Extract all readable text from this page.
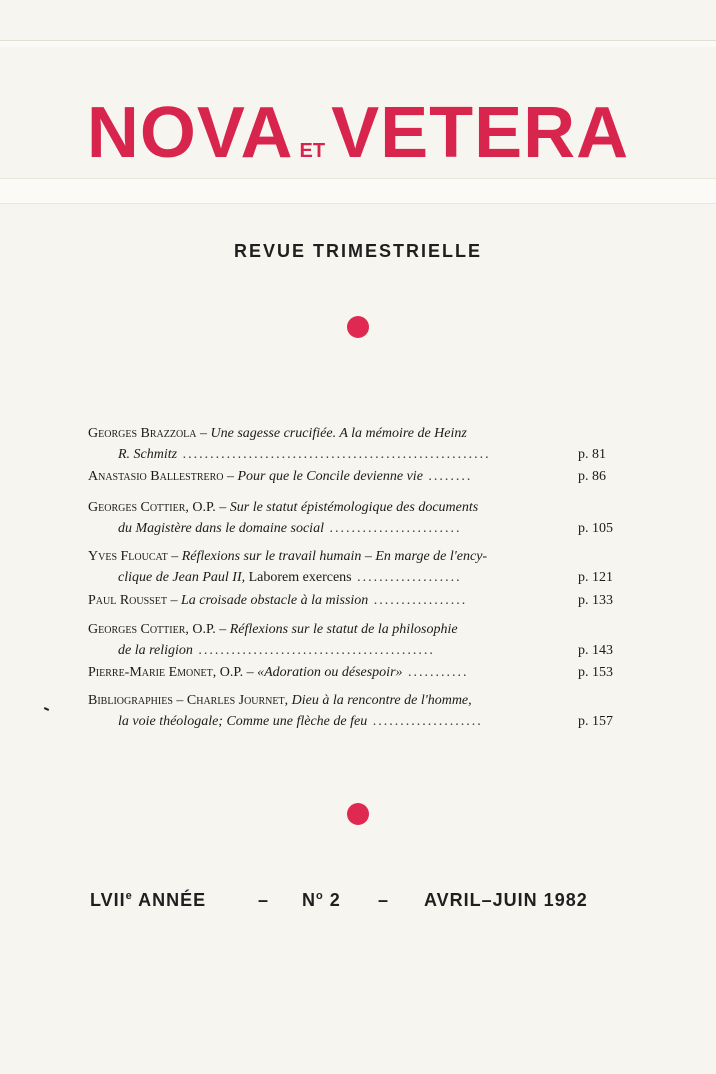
NOVA ETVETERA
REVUE TRIMESTRIELLE
Georges Brazzola – Une sagesse crucifiée. A la mémoire de Heinz
R. Schmitz ........................................................	p. 81
Anastasio Ballestrero – Pour que le Concile devienne vie ........	p. 86
Georges Cottier, O.P. – Sur le statut épistémologique des documents
du Magistère dans le domaine social ........................	p. 105
Yves Floucat – Réflexions sur le travail humain – En marge de l'ency-
clique de Jean Paul II, Laborem exercens ...................	p. 121
Paul Rousset – La croisade obstacle à la mission .................	p. 133
Georges Cottier, O.P. – Réflexions sur le statut de la philosophie
de la religion ...........................................	p. 143
Pierre-Marie Emonet, O.P. – «Adoration ou désespoir» ...........	p. 153
Bibliographies – Charles Journet, Dieu à la rencontre de l'homme,
la voie théologale; Comme une flèche de feu ....................	p. 157
LVIIe ANNÉE	– $N^o$ 2 – AVRIL–JUIN 1982
